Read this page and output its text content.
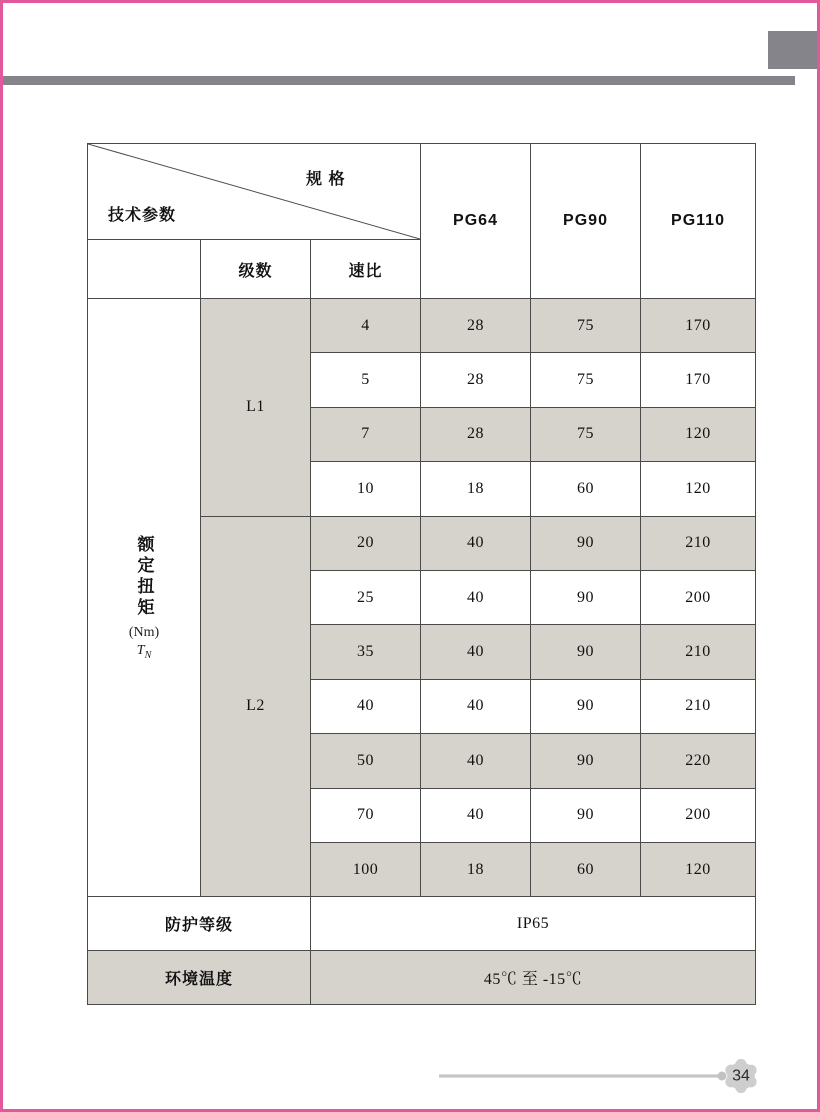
规 格
技术参数			PG64	PG90	PG110
	级数	速比			

额定扭矩
(Nm)
$T_N$	L1	4	28	75	170
		5	28	75	170
		7	28	75	120
		10	18	60	120
	L2	20	40	90	210
		25	40	90	200
		35	40	90	210
		40	40	90	210
		50	40	90	220
		70	40	90	200
		100	18	60	120
防护等级		IP65			
环境温度		45℃ 至 -15℃			
34
